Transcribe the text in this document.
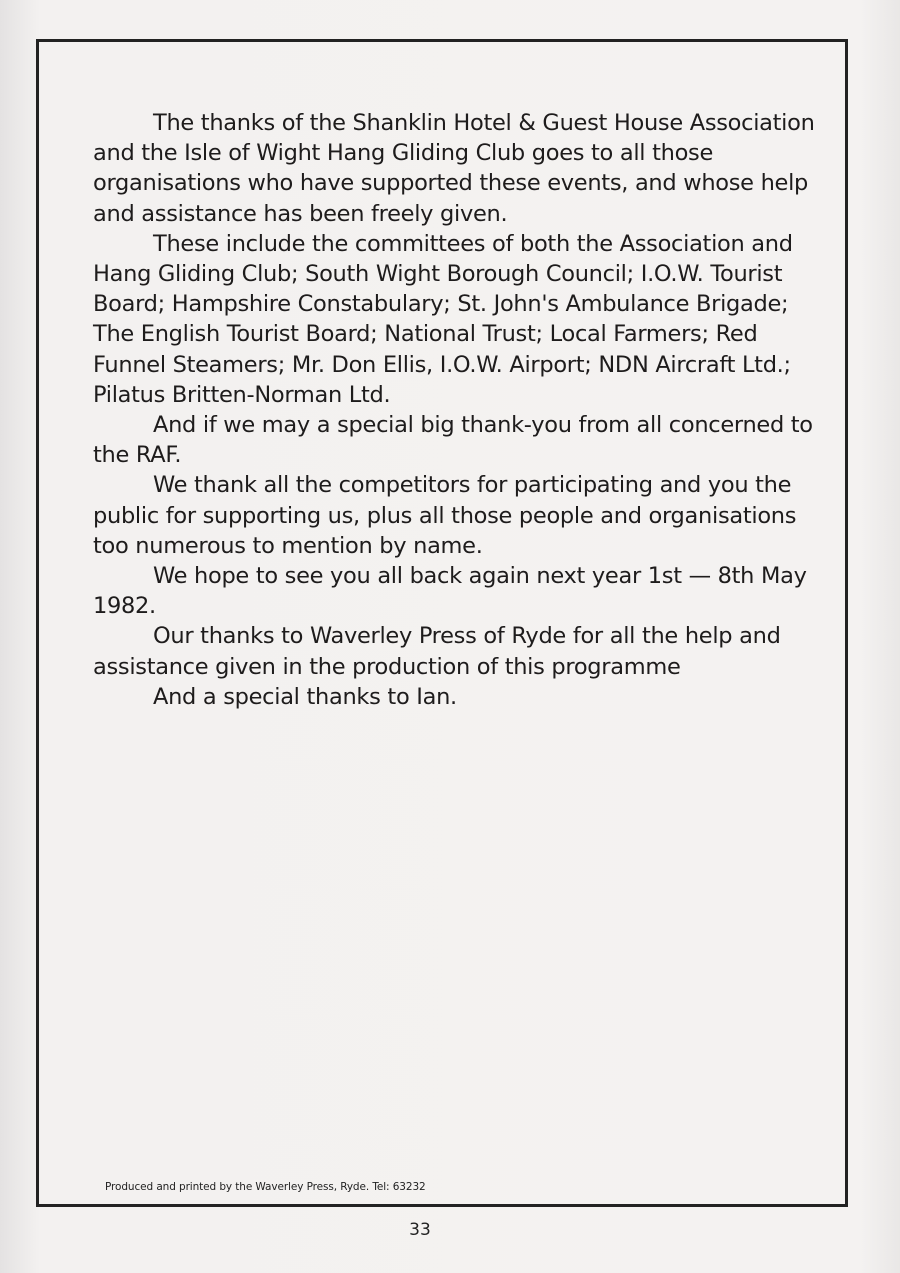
The thanks of the Shanklin Hotel & Guest House Association and the Isle of Wight Hang Gliding Club goes to all those organisations who have supported these events, and whose help and assistance has been freely given.

These include the committees of both the Association and Hang Gliding Club; South Wight Borough Council; I.O.W. Tourist Board; Hampshire Constabulary; St. John's Ambulance Brigade; The English Tourist Board; National Trust; Local Farmers; Red Funnel Steamers; Mr. Don Ellis, I.O.W. Airport; NDN Aircraft Ltd.; Pilatus Britten-Norman Ltd.

And if we may a special big thank-you from all concerned to the RAF.

We thank all the competitors for participating and you the public for supporting us, plus all those people and organisations too numerous to mention by name.

We hope to see you all back again next year 1st — 8th May 1982.

Our thanks to Waverley Press of Ryde for all the help and assistance given in the production of this programme

And a special thanks to Ian.

Produced and printed by the Waverley Press, Ryde. Tel: 63232
33
